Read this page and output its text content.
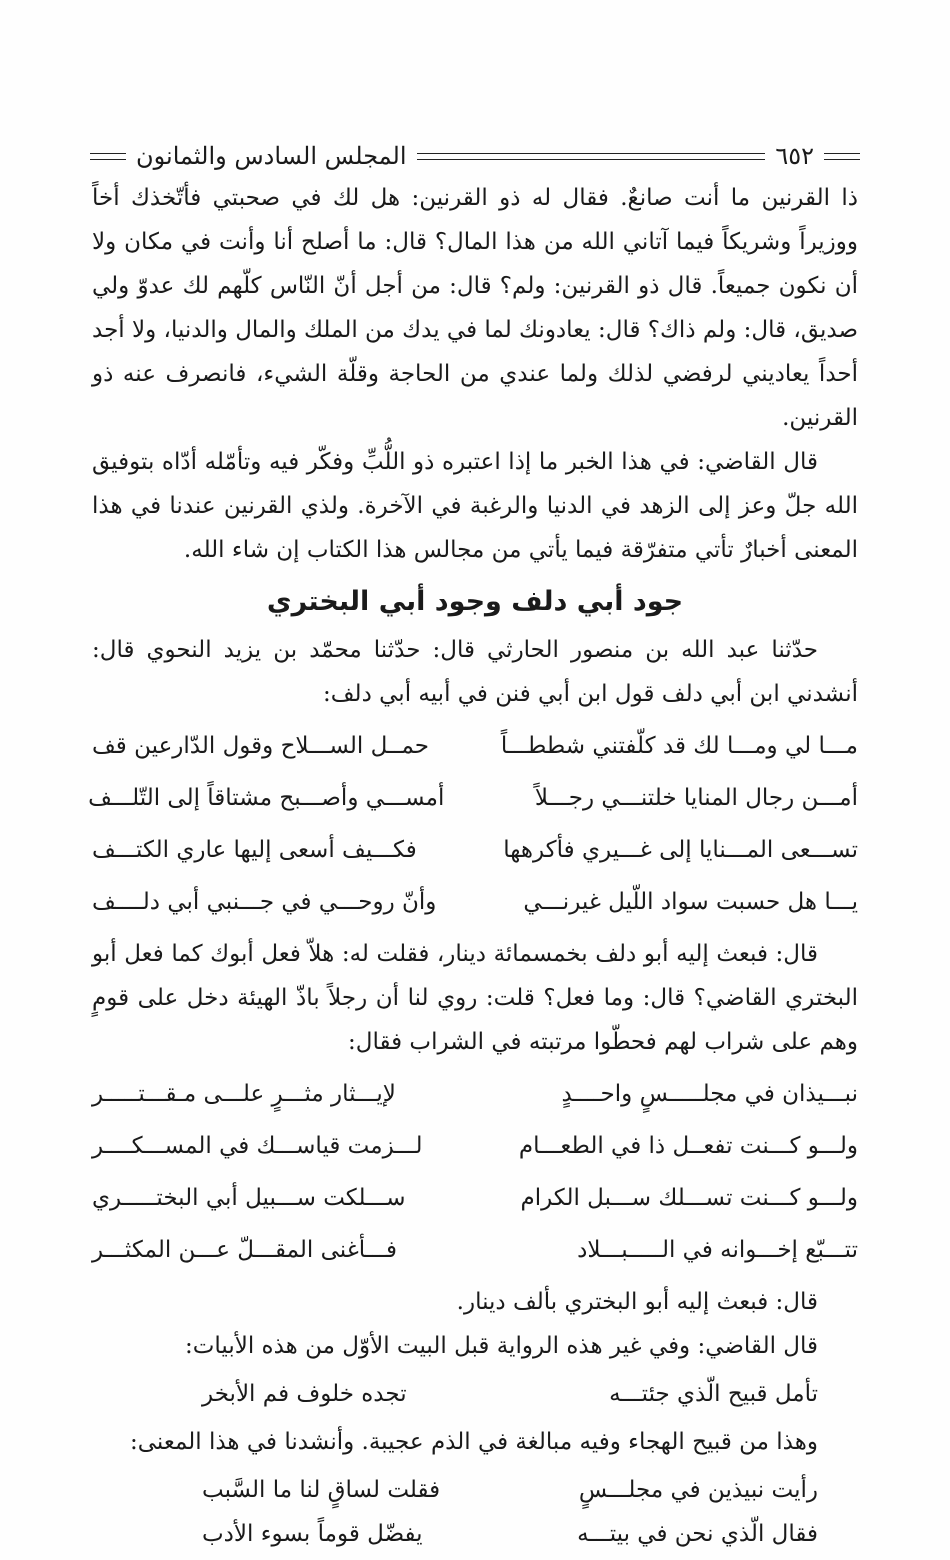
٦٥٢
المجلس السادس والثمانون

ذا القرنين ما أنت صانعٌ. فقال له ذو القرنين: هل لك في صحبتي فأتّخذك أخاً ووزيراً وشريكاً فيما آتاني الله من هذا المال؟ قال: ما أصلح أنا وأنت في مكان ولا أن نكون جميعاً. قال ذو القرنين: ولم؟ قال: من أجل أنّ النّاس كلّهم لك عدوّ ولي صديق، قال: ولم ذاك؟ قال: يعادونك لما في يدك من الملك والمال والدنيا، ولا أجد أحداً يعاديني لرفضي لذلك ولما عندي من الحاجة وقلّة الشيء، فانصرف عنه ذو القرنين.

قال القاضي: في هذا الخبر ما إذا اعتبره ذو اللُّبِّ وفكّر فيه وتأمّله أدّاه بتوفيق الله جلّ وعز إلى الزهد في الدنيا والرغبة في الآخرة. ولذي القرنين عندنا في هذا المعنى أخبارٌ تأتي متفرّقة فيما يأتي من مجالس هذا الكتاب إن شاء الله.

جود أبي دلف وجود أبي البختري

حدّثنا عبد الله بن منصور الحارثي قال: حدّثنا محمّد بن يزيد النحوي قال: أنشدني ابن أبي دلف قول ابن أبي فنن في أبيه أبي دلف:

مـــا لي ومـــا لك قد كلّفتني شططـــاً
حمــل الســـلاح وقول الدّارعين قف
أمـــن رجال المنايا خلتنـــي رجـــلاً
أمســـي وأصـــبح مشتاقاً إلى التّلـــف
تســـعى المـــنايا إلى غـــيري فأكرهها
فكـــيف أسعى إليها عاري الكتـــف
يـــا هل حسبت سواد اللّيل غيرنـــي
وأنّ روحـــي في جـــنبي أبي دلــــف

قال: فبعث إليه أبو دلف بخمسمائة دينار، فقلت له: هلاّ فعل أبوك كما فعل أبو البختري القاضي؟ قال: وما فعل؟ قلت: روي لنا أن رجلاً باذّ الهيئة دخل على قومٍ وهم على شراب لهم فحطّوا مرتبته في الشراب فقال:

نبـــيذان في مجلـــــسٍ واحــــدٍ
لإيـــثار مثـــرٍ علـــى مـقـــتـــــر
ولـــو كـــنت تفعــل ذا في الطعـــام
لـــزمت قياســـك في المســـكــــر
ولـــو كـــنت تســـلك ســـبل الكرام
ســـلكت ســـبيل أبي البختـــــري
تتـــبّع إخـــوانه في الـــــبـــلاد
فـــأغنى المقـــلّ عـــن المكثـــر

قال: فبعث إليه أبو البختري بألف دينار.

قال القاضي: وفي غير هذه الرواية قبل البيت الأوّل من هذه الأبيات:

تأمل قبيح الّذي جئتـــه
تجده خلوف فم الأبخر

وهذا من قبيح الهجاء وفيه مبالغة في الذم عجيبة. وأنشدنا في هذا المعنى:

رأيت نبيذين في مجلـــسٍ
فقلت لساقٍ لنا ما السَّبب
فقال الّذي نحن في بيتـــه
يفضّل قوماً بسوء الأدب
